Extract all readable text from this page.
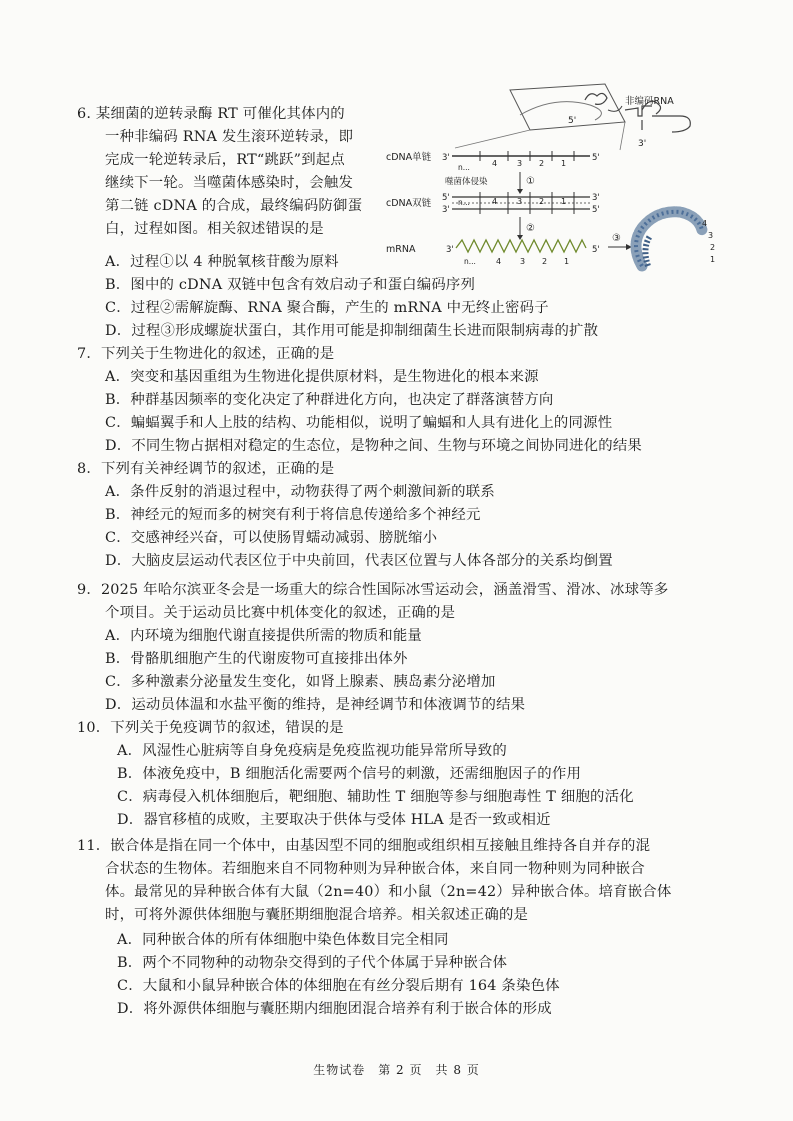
6. 某细菌的逆转录酶 RT 可催化其体内的
一种非编码 RNA 发生滚环逆转录，即
完成一轮逆转录后，RT“跳跃”到起点
继续下一轮。当噬菌体感染时，会触发
第二链 cDNA 的合成，最终编码防御蛋
白，过程如图。相关叙述错误的是
A．过程①以 4 种脱氧核苷酸为原料
B．图中的 cDNA 双链中包含有效启动子和蛋白编码序列
C．过程②需解旋酶、RNA 聚合酶，产生的 mRNA 中无终止密码子
D．过程③形成螺旋状蛋白，其作用可能是抑制细菌生长进而限制病毒的扩散
7．下列关于生物进化的叙述，正确的是
A．突变和基因重组为生物进化提供原材料，是生物进化的根本来源
B．种群基因频率的变化决定了种群进化方向，也决定了群落演替方向
C．蝙蝠翼手和人上肢的结构、功能相似，说明了蝙蝠和人具有进化上的同源性
D．不同生物占据相对稳定的生态位，是物种之间、生物与环境之间协同进化的结果
8．下列有关神经调节的叙述，正确的是
A．条件反射的消退过程中，动物获得了两个刺激间新的联系
B．神经元的短而多的树突有利于将信息传递给多个神经元
C．交感神经兴奋，可以使肠胃蠕动减弱、膀胱缩小
D．大脑皮层运动代表区位于中央前回，代表区位置与人体各部分的关系均倒置
9．2025 年哈尔滨亚冬会是一场重大的综合性国际冰雪运动会，涵盖滑雪、滑冰、冰球等多
个项目。关于运动员比赛中机体变化的叙述，正确的是
A．内环境为细胞代谢直接提供所需的物质和能量
B．骨骼肌细胞产生的代谢废物可直接排出体外
C．多种激素分泌量发生变化，如肾上腺素、胰岛素分泌增加
D．运动员体温和水盐平衡的维持，是神经调节和体液调节的结果
10．下列关于免疫调节的叙述，错误的是
A．风湿性心脏病等自身免疫病是免疫监视功能异常所导致的
B．体液免疫中，B 细胞活化需要两个信号的刺激，还需细胞因子的作用
C．病毒侵入机体细胞后，靶细胞、辅助性 T 细胞等参与细胞毒性 T 细胞的活化
D．器官移植的成败，主要取决于供体与受体 HLA 是否一致或相近
11．嵌合体是指在同一个体中，由基因型不同的细胞或组织相互接触且维持各自并存的混
合状态的生物体。若细胞来自不同物种则为异种嵌合体，来自同一物种则为同种嵌合
体。最常见的异种嵌合体有大鼠（2n=40）和小鼠（2n=42）异种嵌合体。培育嵌合体
时，可将外源供体细胞与囊胚期细胞混合培养。相关叙述正确的是
A．同种嵌合体的所有体细胞中染色体数目完全相同
B．两个不同物种的动物杂交得到的子代个体属于异种嵌合体
C．大鼠和小鼠异种嵌合体的体细胞在有丝分裂后期有 164 条染色体
D．将外源供体细胞与囊胚期内细胞团混合培养有利于嵌合体的形成
非编码RNA
5'
3'
cDNA单链 3'	5'
n...	4 3 2 1
噬菌体侵染	①
cDNA双链 5'
3'
3'
5'
n...	4 3 2 1
②
mRNA	3'	5'
n...	4 3 2 1
③
4
3
2
1
生物试卷　第 2 页　共 8 页
